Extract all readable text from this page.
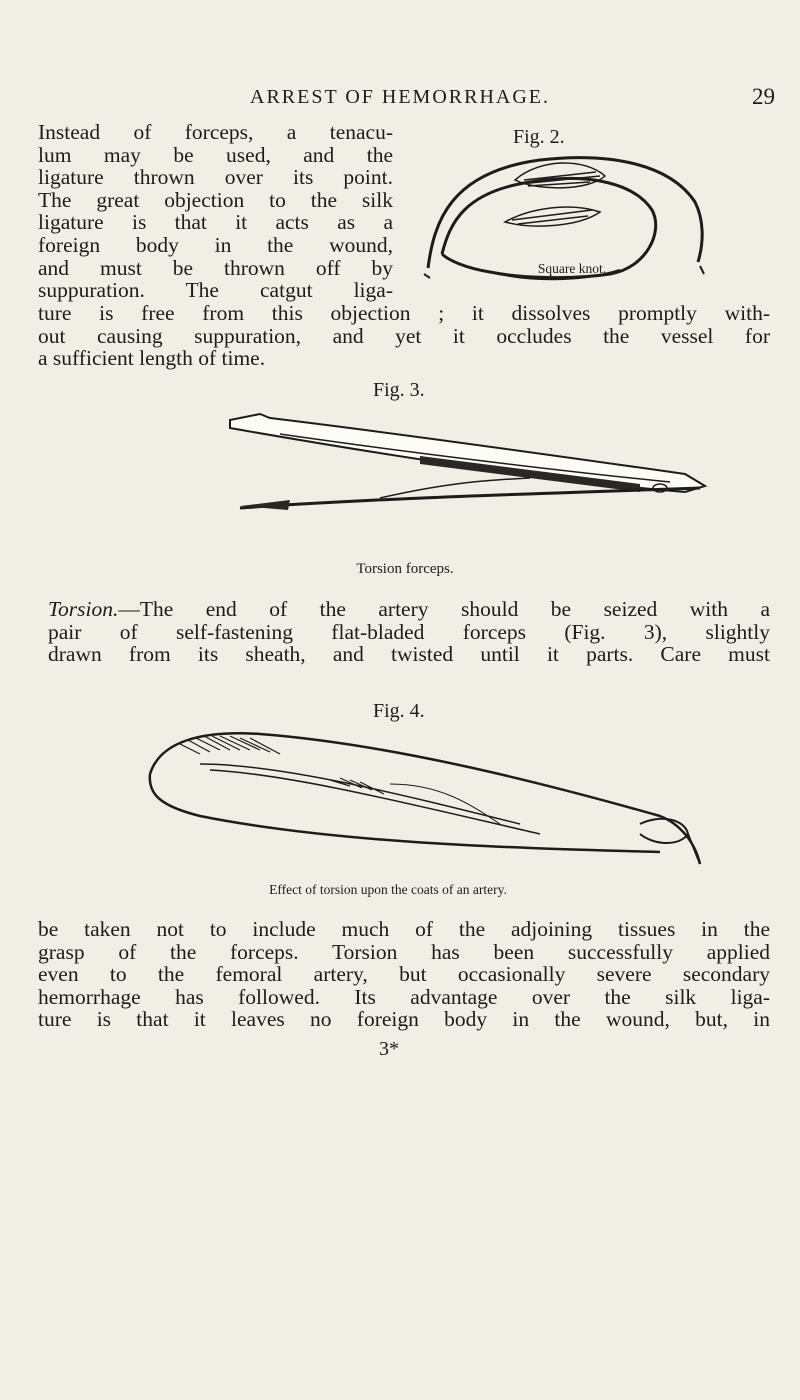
ARREST OF HEMORRHAGE.	29
Instead of forceps, a tenacu-
lum may be used, and the
ligature thrown over its point.
The great objection to the silk
ligature is that it acts as a
foreign body in the wound,
and must be thrown off by
suppuration. The catgut liga-
ture is free from this objection ; it dissolves promptly with-
out causing suppuration, and yet it occludes the vessel for
a sufficient length of time.
Fig. 2.
Square knot.
Fig. 3.
Torsion forceps.
Torsion.—The end of the artery should be seized with a
pair of self-fastening flat-bladed forceps (Fig. 3), slightly
drawn from its sheath, and twisted until it parts. Care must
Fig. 4.
Effect of torsion upon the coats of an artery.
be taken not to include much of the adjoining tissues in the
grasp of the forceps. Torsion has been successfully applied
even to the femoral artery, but occasionally severe secondary
hemorrhage has followed. Its advantage over the silk liga-
ture is that it leaves no foreign body in the wound, but, in
3*
